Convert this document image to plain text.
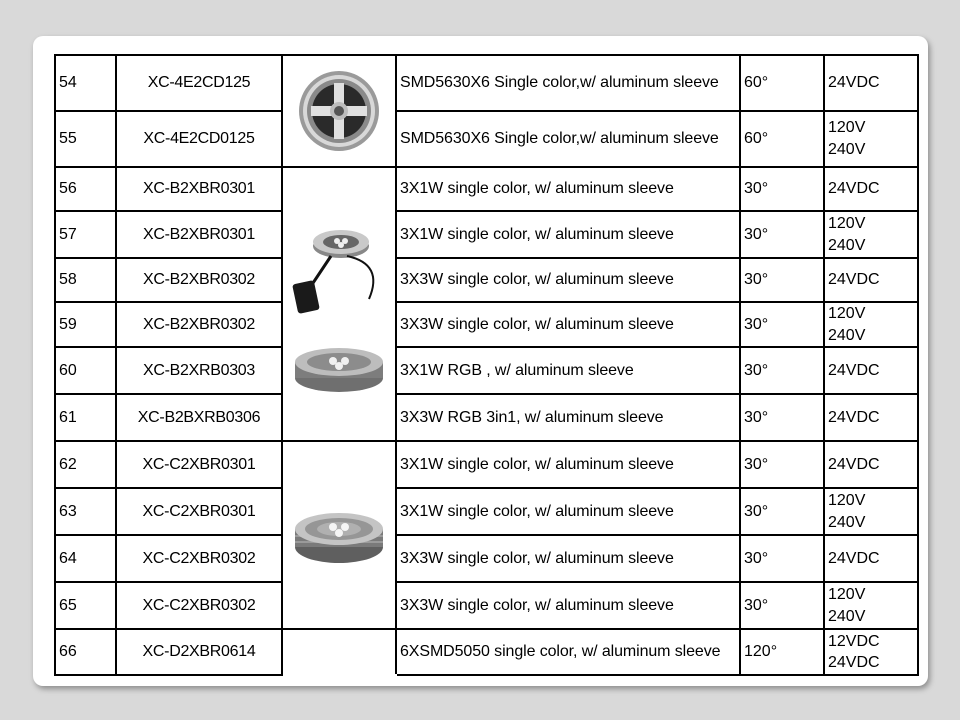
54	XC-4E2CD125		SMD5630X6 Single color,w/ aluminum sleeve	60°	24VDC
55	XC-4E2CD0125		SMD5630X6 Single color,w/ aluminum sleeve	60°	120V
240V

56	XC-B2XBR0301		3X1W single color, w/ aluminum sleeve	30°	24VDC
57	XC-B2XBR0301		3X1W single color, w/ aluminum sleeve	30°	120V
240V

58	XC-B2XBR0302		3X3W single color, w/ aluminum sleeve	30°	24VDC
59	XC-B2XBR0302		3X3W single color, w/ aluminum sleeve	30°	120V
240V

60	XC-B2XRB0303		3X1W RGB , w/ aluminum sleeve	30°	24VDC
61	XC-B2BXRB0306		3X3W RGB 3in1, w/ aluminum sleeve	30°	24VDC
62	XC-C2XBR0301		3X1W single color, w/ aluminum sleeve	30°	24VDC
63	XC-C2XBR0301		3X1W single color, w/ aluminum sleeve	30°	120V
240V

64	XC-C2XBR0302		3X3W single color, w/ aluminum sleeve	30°	24VDC
65	XC-C2XBR0302		3X3W single color, w/ aluminum sleeve	30°	120V
240V

66	XC-D2XBR0614		6XSMD5050 single color, w/ aluminum sleeve	120°	12VDC
24VDC
